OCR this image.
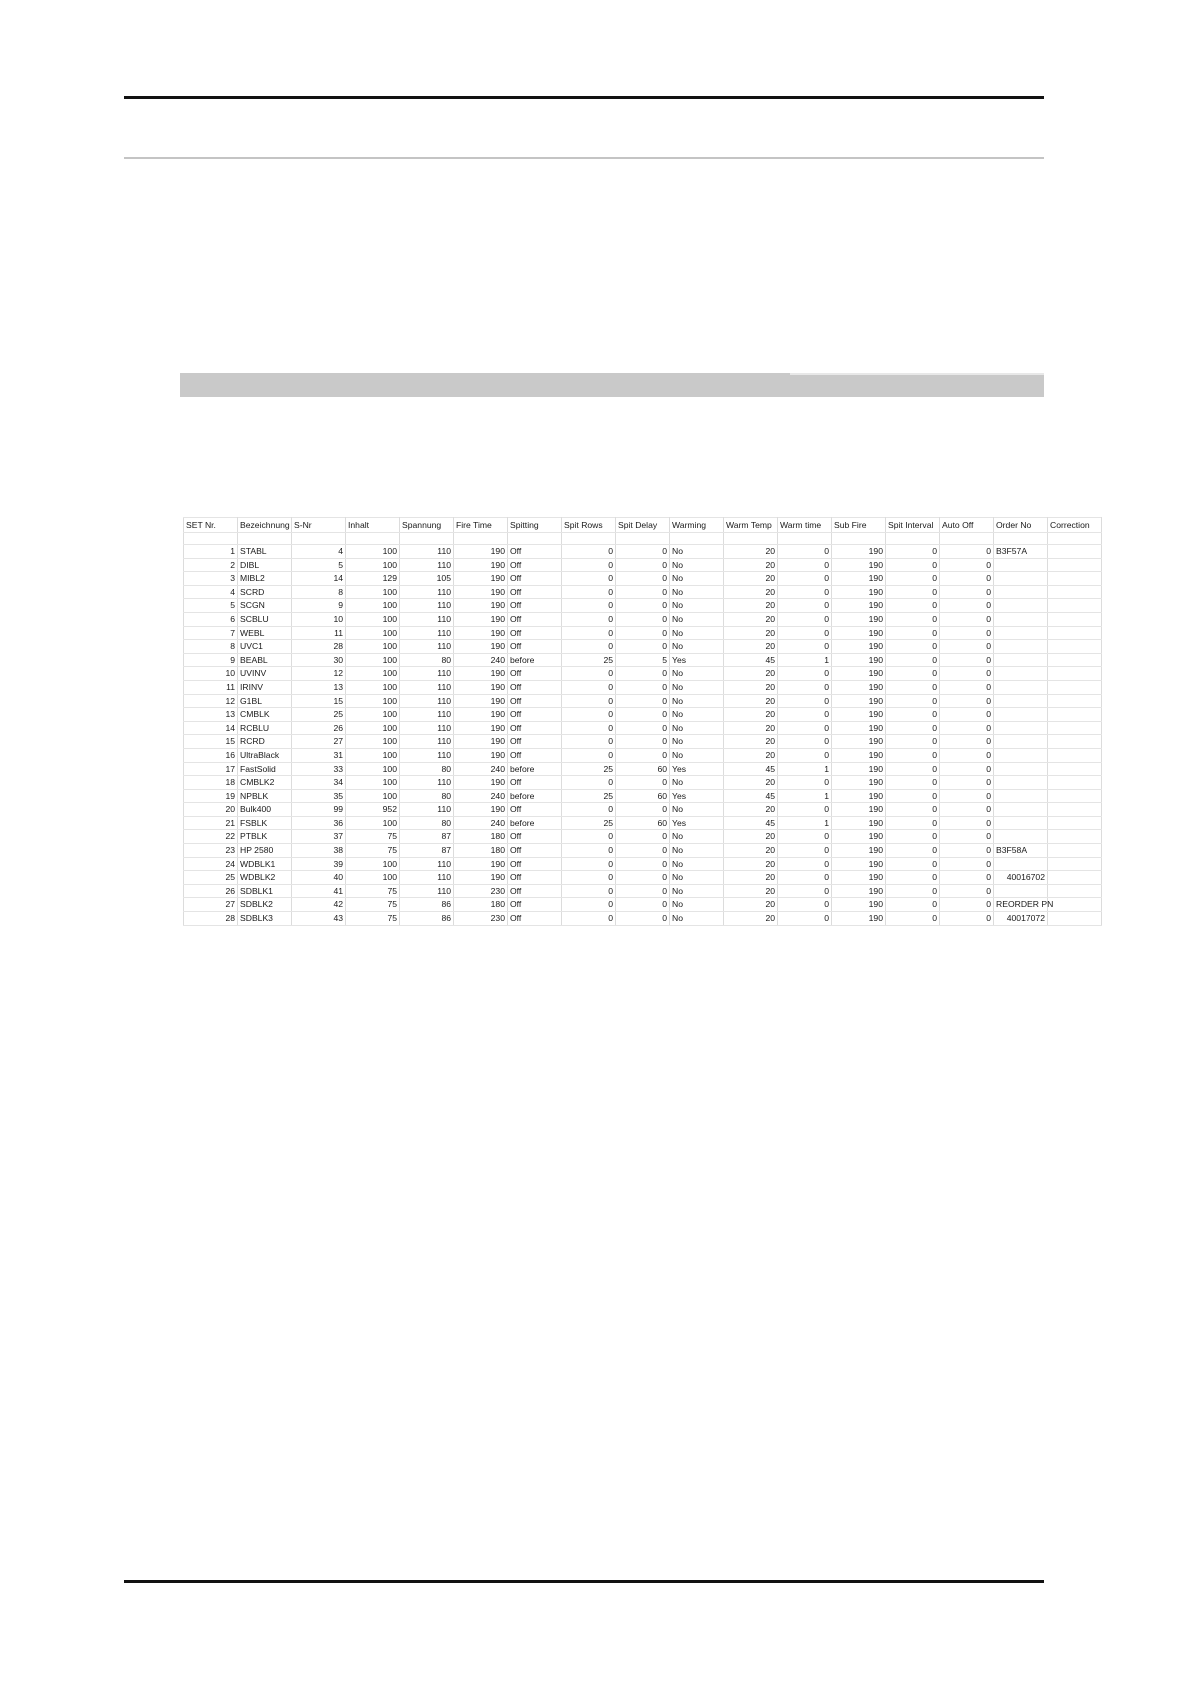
SET Nr.	Bezeichnung	S-Nr	Inhalt	Spannung	Fire Time	Spitting	Spit Rows	Spit Delay	Warming	Warm Temp	Warm time	Sub Fire	Spit Interval	Auto Off	Order No	Correction

1	STABL	4	100	110	190	Off	0	0	No	20	0	190	0	0	B3F57A	
2	DIBL	5	100	110	190	Off	0	0	No	20	0	190	0	0		
3	MIBL2	14	129	105	190	Off	0	0	No	20	0	190	0	0		
4	SCRD	8	100	110	190	Off	0	0	No	20	0	190	0	0		
5	SCGN	9	100	110	190	Off	0	0	No	20	0	190	0	0		
6	SCBLU	10	100	110	190	Off	0	0	No	20	0	190	0	0		
7	WEBL	11	100	110	190	Off	0	0	No	20	0	190	0	0		
8	UVC1	28	100	110	190	Off	0	0	No	20	0	190	0	0		
9	BEABL	30	100	80	240	before	25	5	Yes	45	1	190	0	0		
10	UVINV	12	100	110	190	Off	0	0	No	20	0	190	0	0		
11	IRINV	13	100	110	190	Off	0	0	No	20	0	190	0	0		
12	G1BL	15	100	110	190	Off	0	0	No	20	0	190	0	0		
13	CMBLK	25	100	110	190	Off	0	0	No	20	0	190	0	0		
14	RCBLU	26	100	110	190	Off	0	0	No	20	0	190	0	0		
15	RCRD	27	100	110	190	Off	0	0	No	20	0	190	0	0		
16	UltraBlack	31	100	110	190	Off	0	0	No	20	0	190	0	0		
17	FastSolid	33	100	80	240	before	25	60	Yes	45	1	190	0	0		
18	CMBLK2	34	100	110	190	Off	0	0	No	20	0	190	0	0		
19	NPBLK	35	100	80	240	before	25	60	Yes	45	1	190	0	0		
20	Bulk400	99	952	110	190	Off	0	0	No	20	0	190	0	0		
21	FSBLK	36	100	80	240	before	25	60	Yes	45	1	190	0	0		
22	PTBLK	37	75	87	180	Off	0	0	No	20	0	190	0	0		
23	HP 2580	38	75	87	180	Off	0	0	No	20	0	190	0	0	B3F58A	
24	WDBLK1	39	100	110	190	Off	0	0	No	20	0	190	0	0		
25	WDBLK2	40	100	110	190	Off	0	0	No	20	0	190	0	0	40016702	
26	SDBLK1	41	75	110	230	Off	0	0	No	20	0	190	0	0		
27	SDBLK2	42	75	86	180	Off	0	0	No	20	0	190	0	0	REORDER PN	
28	SDBLK3	43	75	86	230	Off	0	0	No	20	0	190	0	0	40017072	
